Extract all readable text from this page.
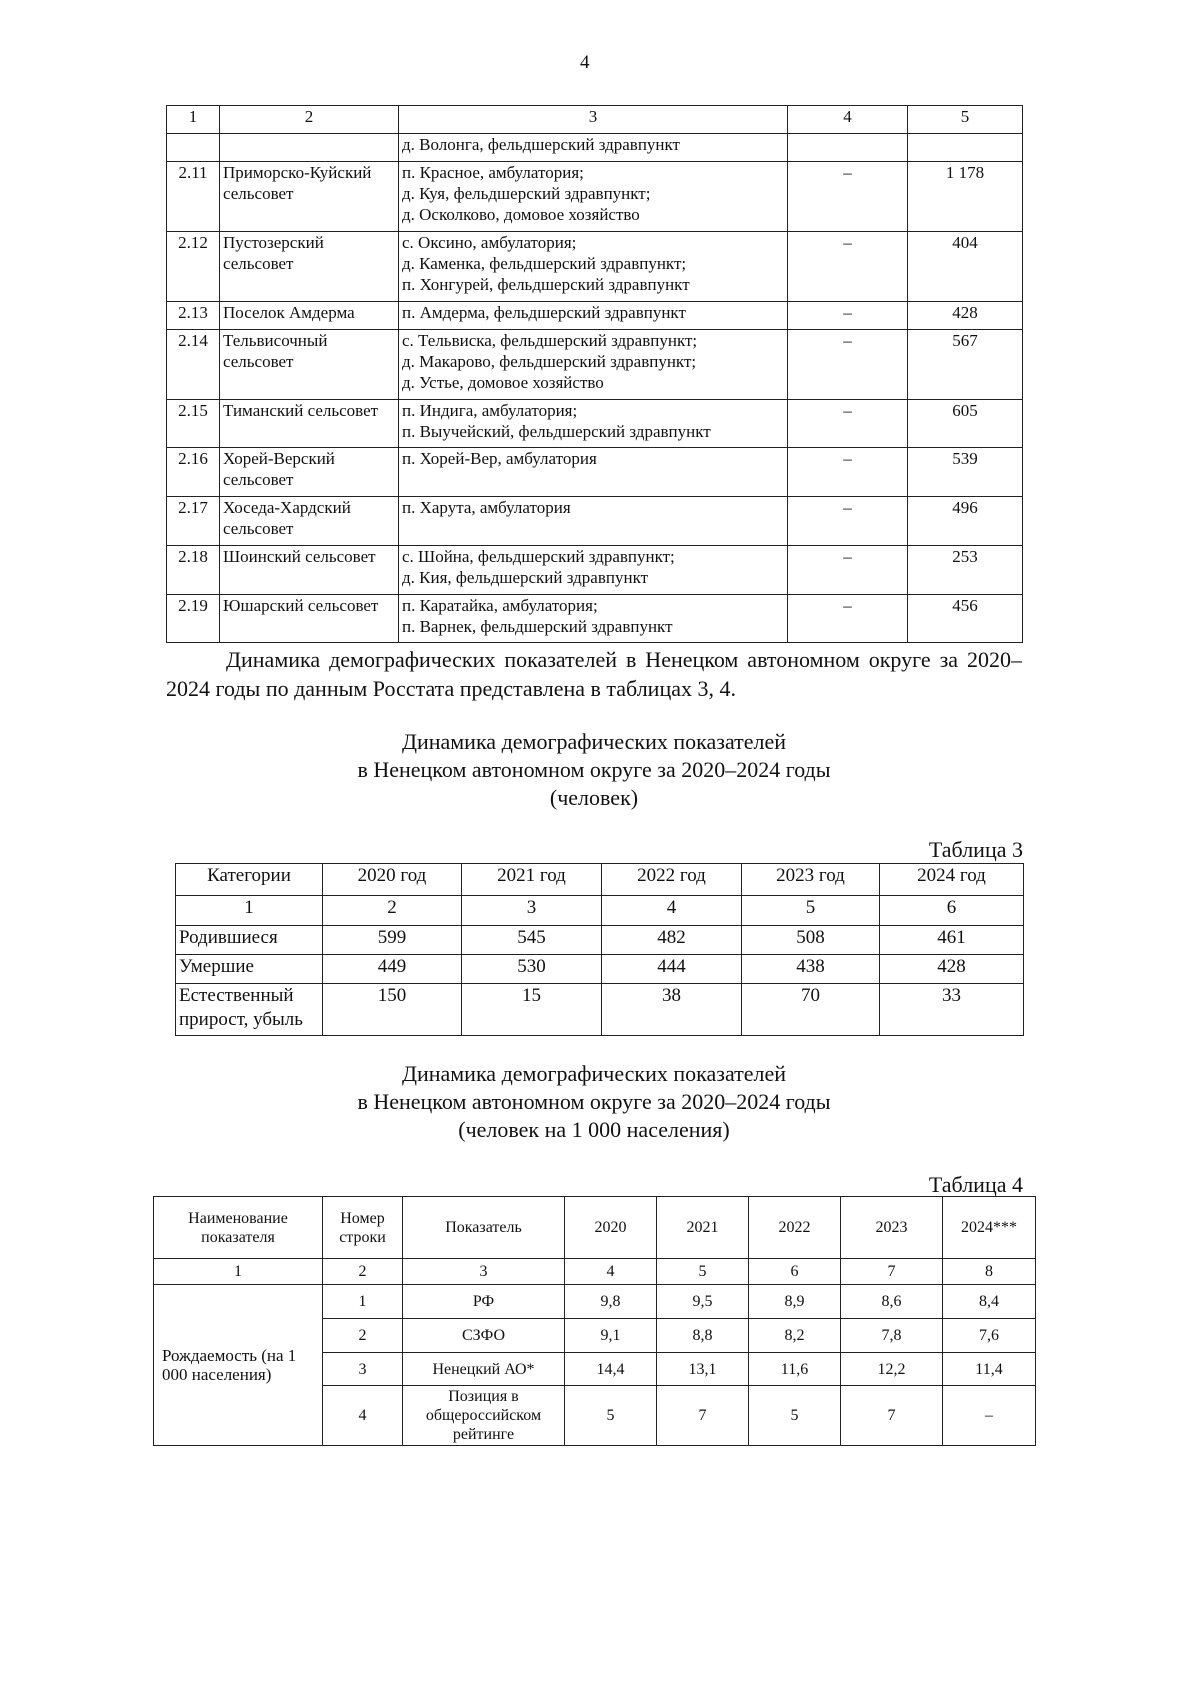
4
1	2	3	4	5
		д. Волонга, фельдшерский здравпункт		
2.11	Приморско-Куйский сельсовет	п. Красное, амбулатория;
д. Куя, фельдшерский здравпункт;
д. Осколково, домовое хозяйство	–	1 178
2.12	Пустозерский сельсовет	с. Оксино, амбулатория;
д. Каменка, фельдшерский здравпункт;
п. Хонгурей, фельдшерский здравпункт	–	404
2.13	Поселок Амдерма	п. Амдерма, фельдшерский здравпункт	–	428
2.14	Тельвисочный сельсовет	с. Тельвиска, фельдшерский здравпункт;
д. Макарово, фельдшерский здравпункт;
д. Устье, домовое хозяйство	–	567
2.15	Тиманский сельсовет	п. Индига, амбулатория;
п. Выучейский, фельдшерский здравпункт	–	605
2.16	Хорей-Верский сельсовет	п. Хорей-Вер, амбулатория	–	539
2.17	Хоседа-Хардский сельсовет	п. Харута, амбулатория	–	496
2.18	Шоинский сельсовет	с. Шойна, фельдшерский здравпункт;
д. Кия, фельдшерский здравпункт	–	253
2.19	Юшарский сельсовет	п. Каратайка, амбулатория;
п. Варнек, фельдшерский здравпункт	–	456
Динамика демографических показателей в Ненецком автономном округе за 2020–2024 годы по данным Росстата представлена в таблицах 3, 4.
Динамика демографических показателей
в Ненецком автономном округе за 2020–2024 годы
(человек)
Таблица 3
Категории	2020 год	2021 год	2022 год	2023 год	2024 год
1	2	3	4	5	6
Родившиеся	599	545	482	508	461
Умершие	449	530	444	438	428
Естественный прирост, убыль	150	15	38	70	33
Динамика демографических показателей
в Ненецком автономном округе за 2020–2024 годы
(человек на 1 000 населения)
Таблица 4
Наименование показателя	Номер строки	Показатель	2020	2021	2022	2023	2024***
1	2	3	4	5	6	7	8
Рождаемость (на 1 000 населения)	1	РФ	9,8	9,5	8,9	8,6	8,4
	2	СЗФО	9,1	8,8	8,2	7,8	7,6
	3	Ненецкий АО*	14,4	13,1	11,6	12,2	11,4
	4	Позиция в общероссийском рейтинге	5	7	5	7	–
